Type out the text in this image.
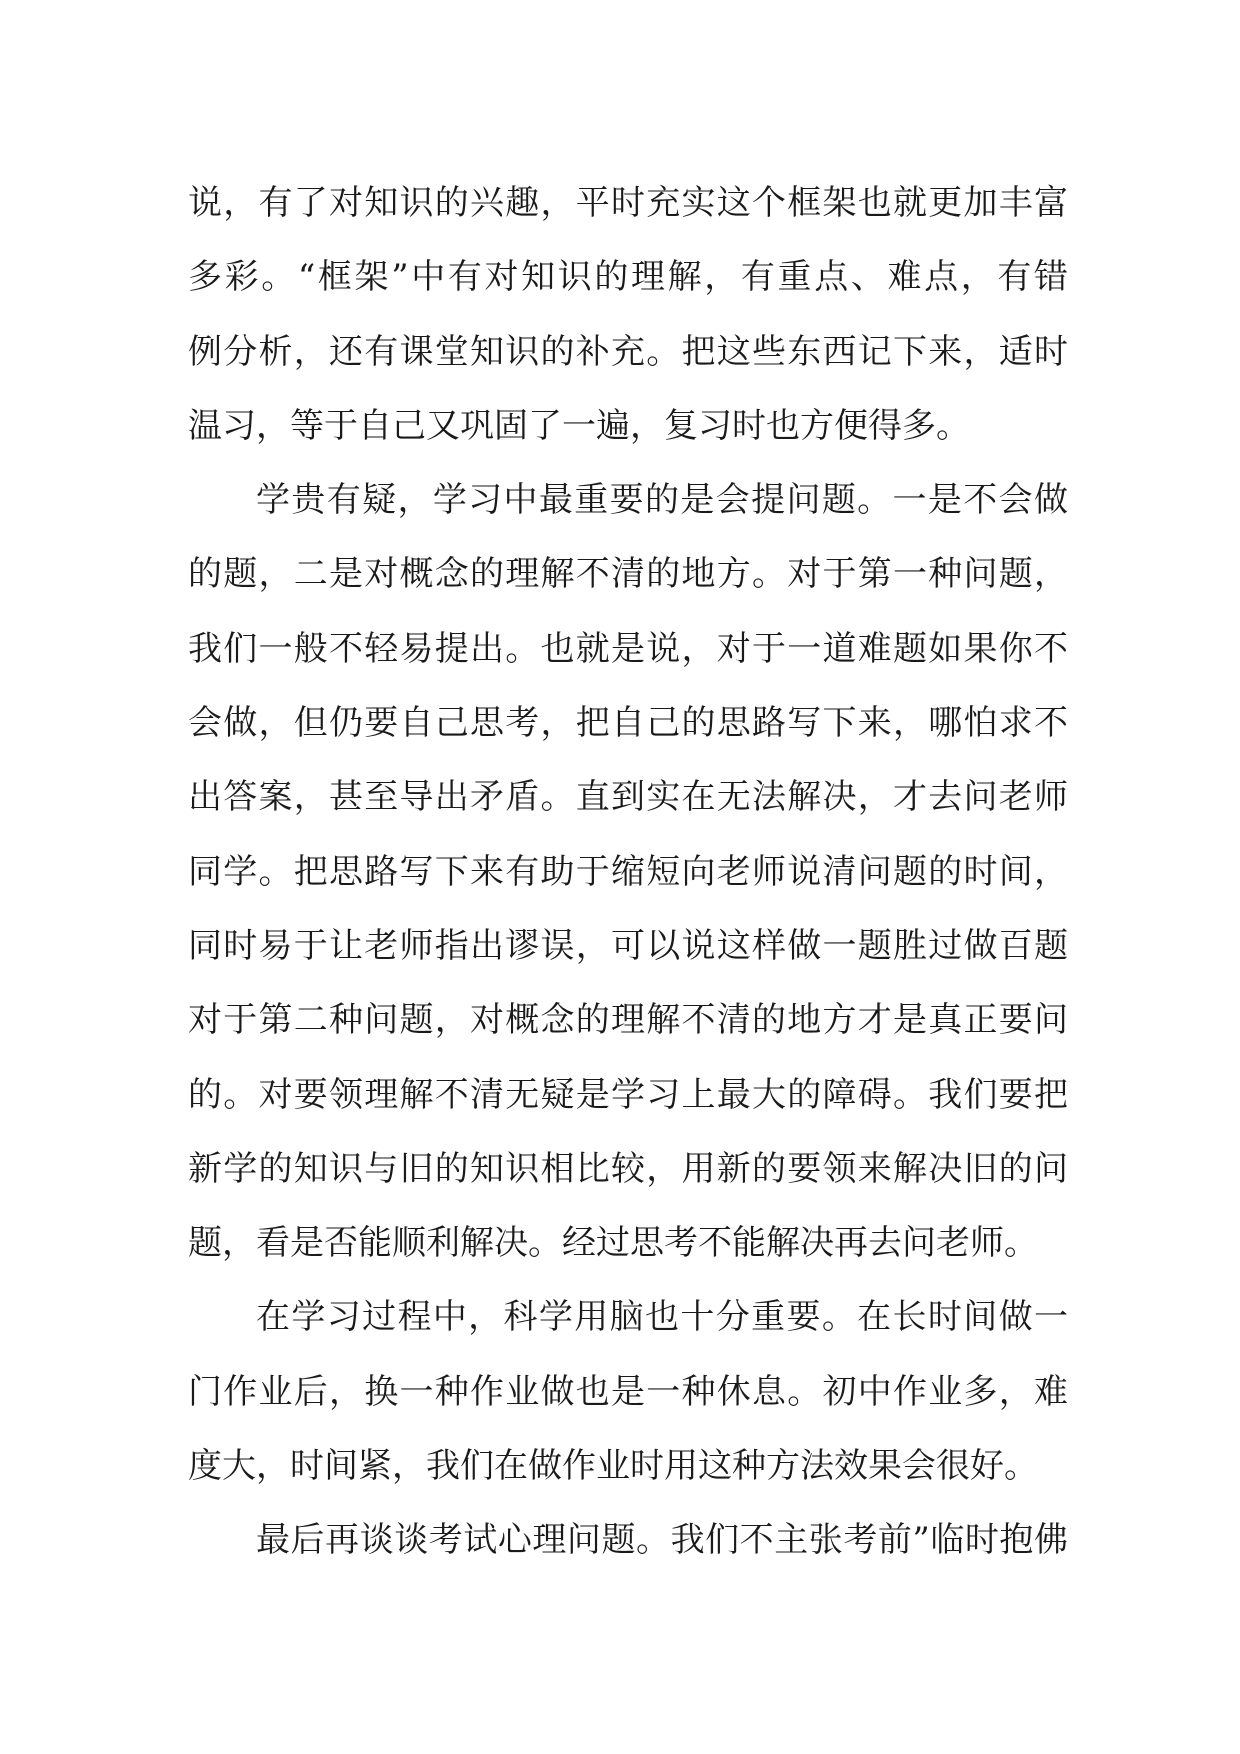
说，有了对知识的兴趣，平时充实这个框架也就更加丰富
多彩。“框架”中有对知识的理解，有重点、难点，有错
例分析，还有课堂知识的补充。把这些东西记下来，适时
温习，等于自己又巩固了一遍，复习时也方便得多。
学贵有疑，学习中最重要的是会提问题。一是不会做
的题，二是对概念的理解不清的地方。对于第一种问题，
我们一般不轻易提出。也就是说，对于一道难题如果你不
会做，但仍要自己思考，把自己的思路写下来，哪怕求不
出答案，甚至导出矛盾。直到实在无法解决，才去问老师
同学。把思路写下来有助于缩短向老师说清问题的时间，
同时易于让老师指出谬误，可以说这样做一题胜过做百题
对于第二种问题，对概念的理解不清的地方才是真正要问
的。对要领理解不清无疑是学习上最大的障碍。我们要把
新学的知识与旧的知识相比较，用新的要领来解决旧的问
题，看是否能顺利解决。经过思考不能解决再去问老师。
在学习过程中，科学用脑也十分重要。在长时间做一
门作业后，换一种作业做也是一种休息。初中作业多，难
度大，时间紧，我们在做作业时用这种方法效果会很好。
最后再谈谈考试心理问题。我们不主张考前”临时抱佛
